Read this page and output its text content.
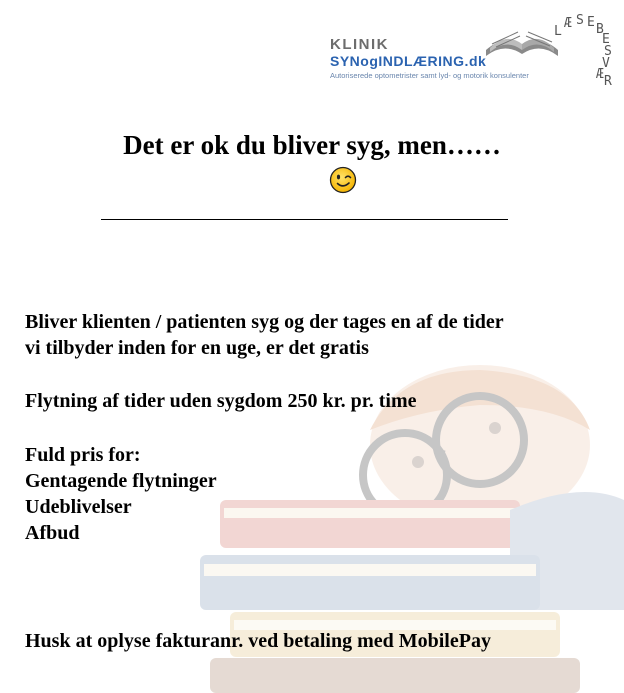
KLINIK
SYNogINDLÆRING.dk
Autoriserede optometrister samt lyd- og motorik konsulenter
L
Æ S E B
E
S
V
Æ R
Det er ok du bliver syg, men……
Bliver klienten / patienten syg og der tages en af de tider
vi tilbyder inden for en uge, er det gratis
Flytning af tider uden sygdom 250 kr. pr. time
Fuld pris for:
Gentagende flytninger
Udeblivelser
Afbud
Husk at oplyse fakturanr. ved betaling med MobilePay
